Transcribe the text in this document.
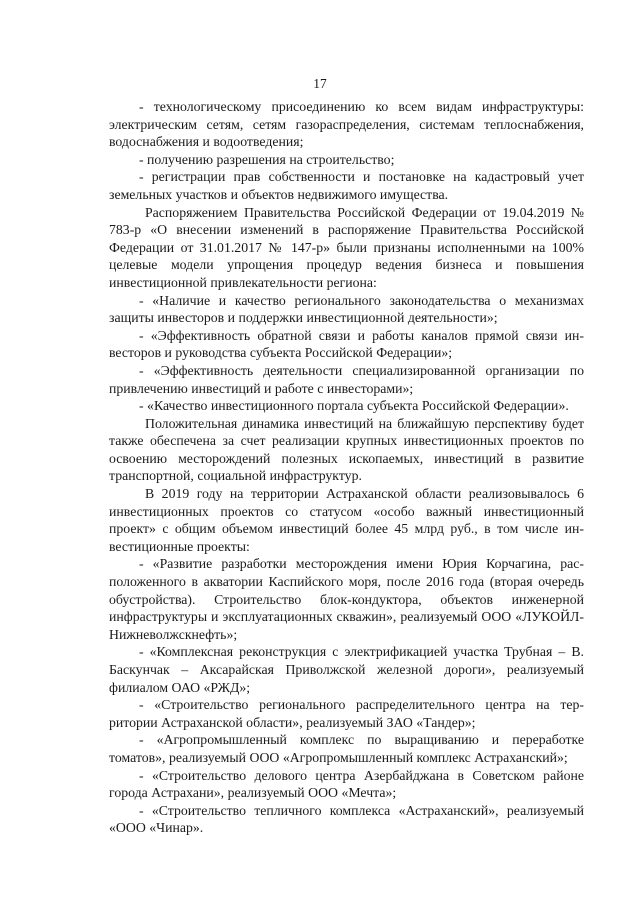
17

- технологическому присоединению ко всем видам инфраструктуры: электрическим сетям, сетям газораспределения, системам теплоснабжения, водоснабжения и водоотведения;

- получению разрешения на строительство;

- регистрации прав собственности и постановке на кадастровый учет земельных участков и объектов недвижимого имущества.

Распоряжением Правительства Российской Федерации от 19.04.2019 № 783-р «О внесении изменений в распоряжение Правительства Российской Федерации от 31.01.2017 № 147-р» были признаны исполненными на 100% целевые модели упрощения процедур ведения бизнеса и повышения инвестиционной привлекательности региона:

- «Наличие и качество регионального законодательства о механизмах защиты инвесторов и поддержки инвестиционной деятельности»;

- «Эффективность обратной связи и работы каналов прямой связи инвесторов и руководства субъекта Российской Федерации»;

- «Эффективность деятельности специализированной организации по привлечению инвестиций и работе с инвесторами»;

- «Качество инвестиционного портала субъекта Российской Федерации».

Положительная динамика инвестиций на ближайшую перспективу будет также обеспечена за счет реализации крупных инвестиционных проектов по освоению месторождений полезных ископаемых, инвестиций в развитие транспортной, социальной инфраструктур.

В 2019 году на территории Астраханской области реализовывалось 6 инвестиционных проектов со статусом «особо важный инвестиционный проект» с общим объемом инвестиций более 45 млрд руб., в том числе инвестиционные проекты:

- «Развитие разработки месторождения имени Юрия Корчагина, расположенного в акватории Каспийского моря, после 2016 года (вторая очередь обустройства). Строительство блок-кондуктора, объектов инженерной инфраструктуры и эксплуатационных скважин», реализуемый ООО «ЛУКОЙЛ-Нижневолжскнефть»;

- «Комплексная реконструкция с электрификацией участка Трубная – В. Баскунчак – Аксарайская Приволжской железной дороги», реализуемый филиалом ОАО «РЖД»;

- «Строительство регионального распределительного центра на территории Астраханской области», реализуемый ЗАО «Тандер»;

- «Агропромышленный комплекс по выращиванию и переработке томатов», реализуемый ООО «Агропромышленный комплекс Астраханский»;

- «Строительство делового центра Азербайджана в Советском районе города Астрахани», реализуемый ООО «Мечта»;

- «Строительство тепличного комплекса «Астраханский», реализуемый «ООО «Чинар».
